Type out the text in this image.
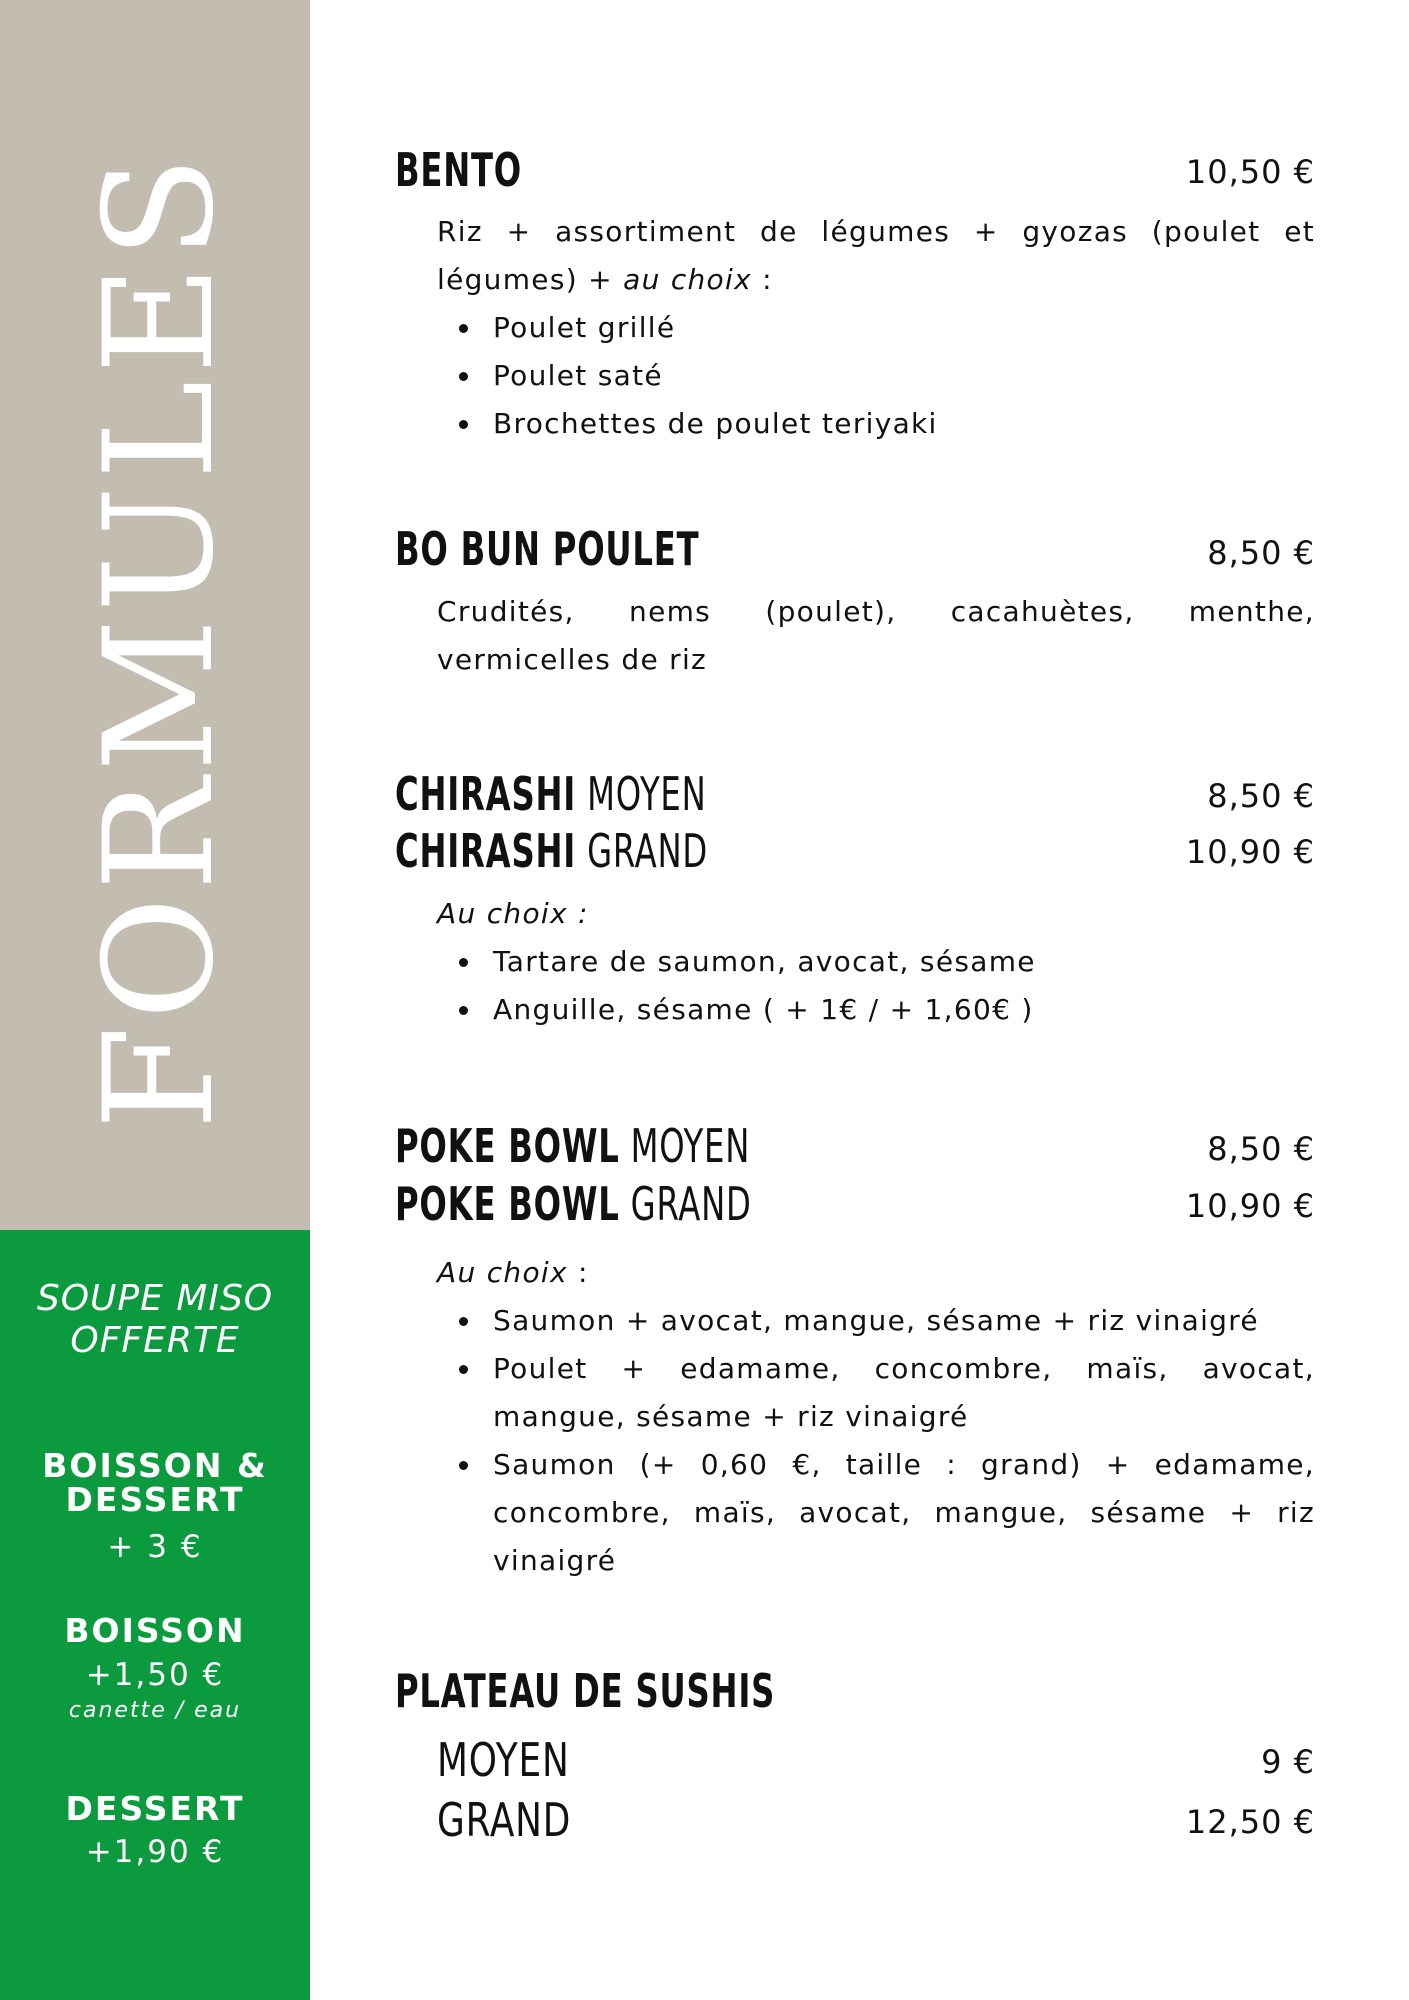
FORMULES
SOUPE MISO
OFFERTE
BOISSON &
DESSERT
+ 3 €
BOISSON
+1,50 €
canette / eau
DESSERT
+1,90 €
BENTO	10,50 €
Riz + assortiment de légumes + gyozas (poulet et légumes) + au choix :
Poulet grillé
Poulet saté
Brochettes de poulet teriyaki
BO BUN POULET	8,50 €
Crudités, nems (poulet), cacahuètes, menthe, vermicelles de riz
CHIRASHI MOYEN	8,50 €
CHIRASHI GRAND	10,90 €
Au choix :
Tartare de saumon, avocat, sésame
Anguille, sésame ( + 1€ / + 1,60€ )
POKE BOWL MOYEN	8,50 €
POKE BOWL GRAND	10,90 €
Au choix :
Saumon + avocat, mangue, sésame + riz vinaigré
Poulet + edamame, concombre, maïs, avocat, mangue, sésame + riz vinaigré
Saumon (+ 0,60 €, taille : grand) + edamame, concombre, maïs, avocat, mangue, sésame + riz vinaigré
PLATEAU DE SUSHIS
MOYEN	9 €
GRAND	12,50 €
